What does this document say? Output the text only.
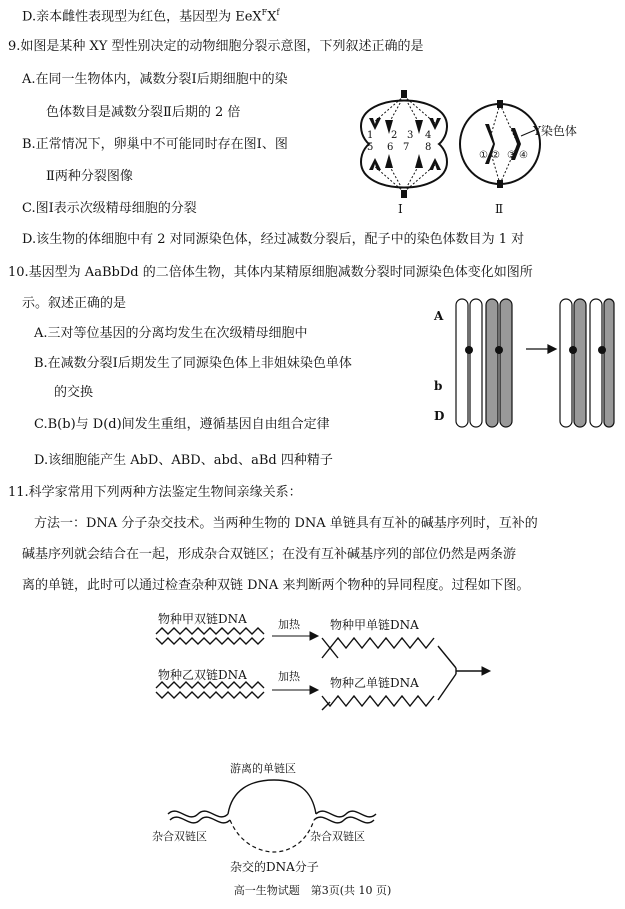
D.亲本雌性表现型为红色，基因型为 $EeX^FX^f$
9.如图是某种 XY 型性别决定的动物细胞分裂示意图，下列叙述正确的是
A.在同一生物体内，减数分裂Ⅰ后期细胞中的染
色体数目是减数分裂Ⅱ后期的 2 倍
B.正常情况下，卵巢中不可能同时存在图Ⅰ、图
Ⅱ两种分裂图像
C.图Ⅰ表示次级精母细胞的分裂
D.该生物的体细胞中有 2 对同源染色体，经过减数分裂后，配子中的染色体数目为 1 对
10.基因型为 AaBbDd 的二倍体生物，其体内某精原细胞减数分裂时同源染色体变化如图所
示。叙述正确的是
A.三对等位基因的分离均发生在次级精母细胞中
B.在减数分裂Ⅰ后期发生了同源染色体上非姐妹染色单体
的交换
C.B(b)与 D(d)间发生重组，遵循基因自由组合定律
D.该细胞能产生 AbD、ABD、abd、aBd 四种精子
11.科学家常用下列两种方法鉴定生物间亲缘关系：
方法一：DNA 分子杂交技术。当两种生物的 DNA 单链具有互补的碱基序列时，互补的
碱基序列就会结合在一起，形成杂合双链区；在没有互补碱基序列的部位仍然是两条游
离的单链，此时可以通过检查杂种双链 DNA 来判断两个物种的异同程度。过程如下图。
1 2 3 4
5 6 7 8
① ② ③ ④
Y染色体
Ⅰ	Ⅱ
A
b
D
物种甲双链DNA	加热	物种甲单链DNA
物种乙双链DNA	加热	物种乙单链DNA
游离的单链区
杂合双链区	杂合双链区
杂交的DNA分子
高一生物试题　第3页(共 10 页)
